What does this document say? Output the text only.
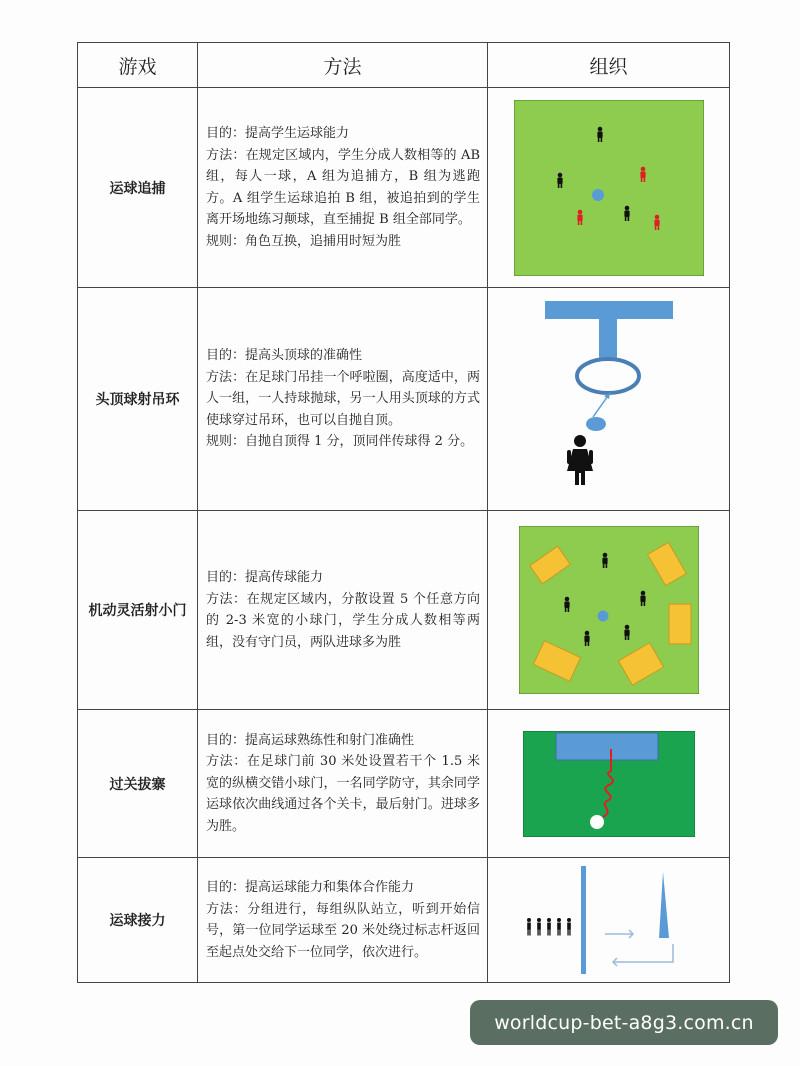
游戏	方法	组织
运球追捕	目的：提高学生运球能力
方法：在规定区域内，学生分成人数相等的 AB 组，每人一球，A 组为追捕方，B 组为逃跑方。A 组学生运球追拍 B 组，被追拍到的学生离开场地练习颠球，直至捕捉 B 组全部同学。
规则：角色互换，追捕用时短为胜

头顶球射吊环	目的：提高头顶球的准确性
方法：在足球门吊挂一个呼啦圈，高度适中，两人一组，一人持球抛球，另一人用头顶球的方式使球穿过吊环，也可以自抛自顶。
规则：自抛自顶得 1 分，顶同伴传球得 2 分。

机动灵活射小门	目的：提高传球能力
方法：在规定区域内，分散设置 5 个任意方向的 2-3 米宽的小球门，学生分成人数相等两组，没有守门员，两队进球多为胜

过关拔寨	目的：提高运球熟练性和射门准确性
方法：在足球门前 30 米处设置若干个 1.5 米宽的纵横交错小球门，一名同学防守，其余同学运球依次曲线通过各个关卡，最后射门。进球多为胜。

运球接力	目的：提高运球能力和集体合作能力
方法：分组进行，每组纵队站立，听到开始信号，第一位同学运球至 20 米处绕过标志杆返回至起点处交给下一位同学，依次进行。

worldcup-bet-a8g3.com.cn
